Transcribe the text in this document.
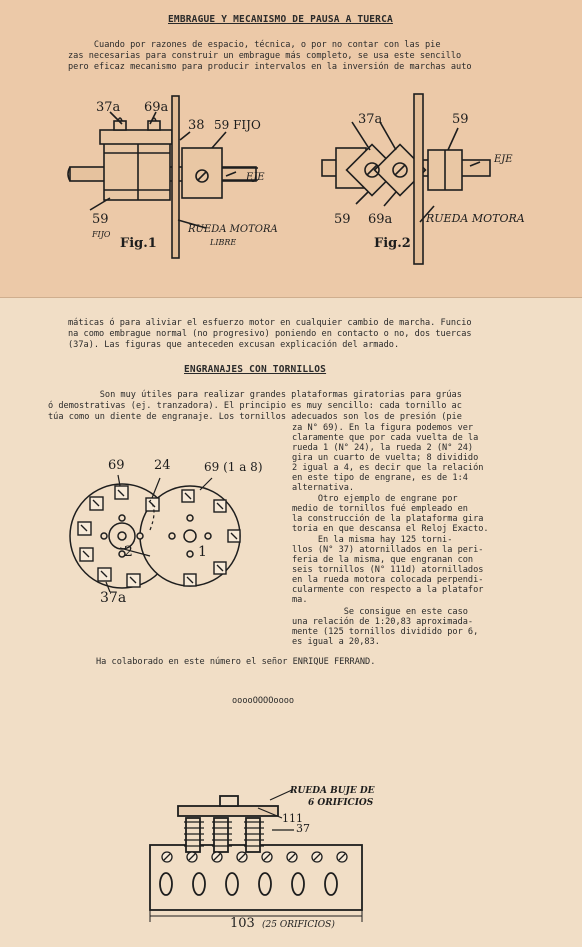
EMBRAGUE Y MECANISMO DE PAUSA A TUERCA
Cuando por razones de espacio, técnica, o por no contar con las pie
zas necesarias para construir un embrague más completo, se usa este sencillo
pero eficaz mecanismo para producir intervalos en la inversión de marchas auto
37a 69a
38 59 FIJO
EJE
59
FIJO	RUEDA MOTORA
LIBRE
Fig.1
37a	59
EJE
59 69a	RUEDA MOTORA
Fig.2
máticas ó para aliviar el esfuerzo motor en cualquier cambio de marcha. Funcio
na como embrague normal (no progresivo) poniendo en contacto o no, dos tuercas
(37a). Las figuras que anteceden excusan explicación del armado.
ENGRANAJES CON TORNILLOS
Son muy útiles para realizar grandes plataformas giratorias para grúas
ó demostrativas (ej. tranzadora). El principio es muy sencillo: cada tornillo ac
túa como un diente de engranaje. Los tornillos adecuados son los de presión (pie
za N° 69). En la figura podemos ver
claramente que por cada vuelta de la
rueda 1 (N° 24), la rueda 2 (N° 24)
gira un cuarto de vuelta; 8 dividido
2 igual a 4, es decir que la relación
en este tipo de engrane, es de 1:4
alternativa.
Otro ejemplo de engrane por
medio de tornillos fué empleado en
la construcción de la plataforma gira
toria en que descansa el Reloj Exacto.
En la misma hay 125 torni-
llos (N° 37) atornillados en la peri-
feria de la misma, que engranan con
seis tornillos (N° 111d) atornillados
en la rueda motora colocada perpendi-
cularmente con respecto a la platafor
ma.
Se consigue en este caso
una relación de 1:20,83 aproximada-
mente (125 tornillos dividido por 6,
es igual a 20,83.
69 24	69 (1 a 8)
2	1
37a
Ha colaborado en este número el señor ENRIQUE FERRAND.
ooooOOOOoooo
RUEDA BUJE DE
6 ORIFICIOS
111
37
103 (25 ORIFICIOS)
